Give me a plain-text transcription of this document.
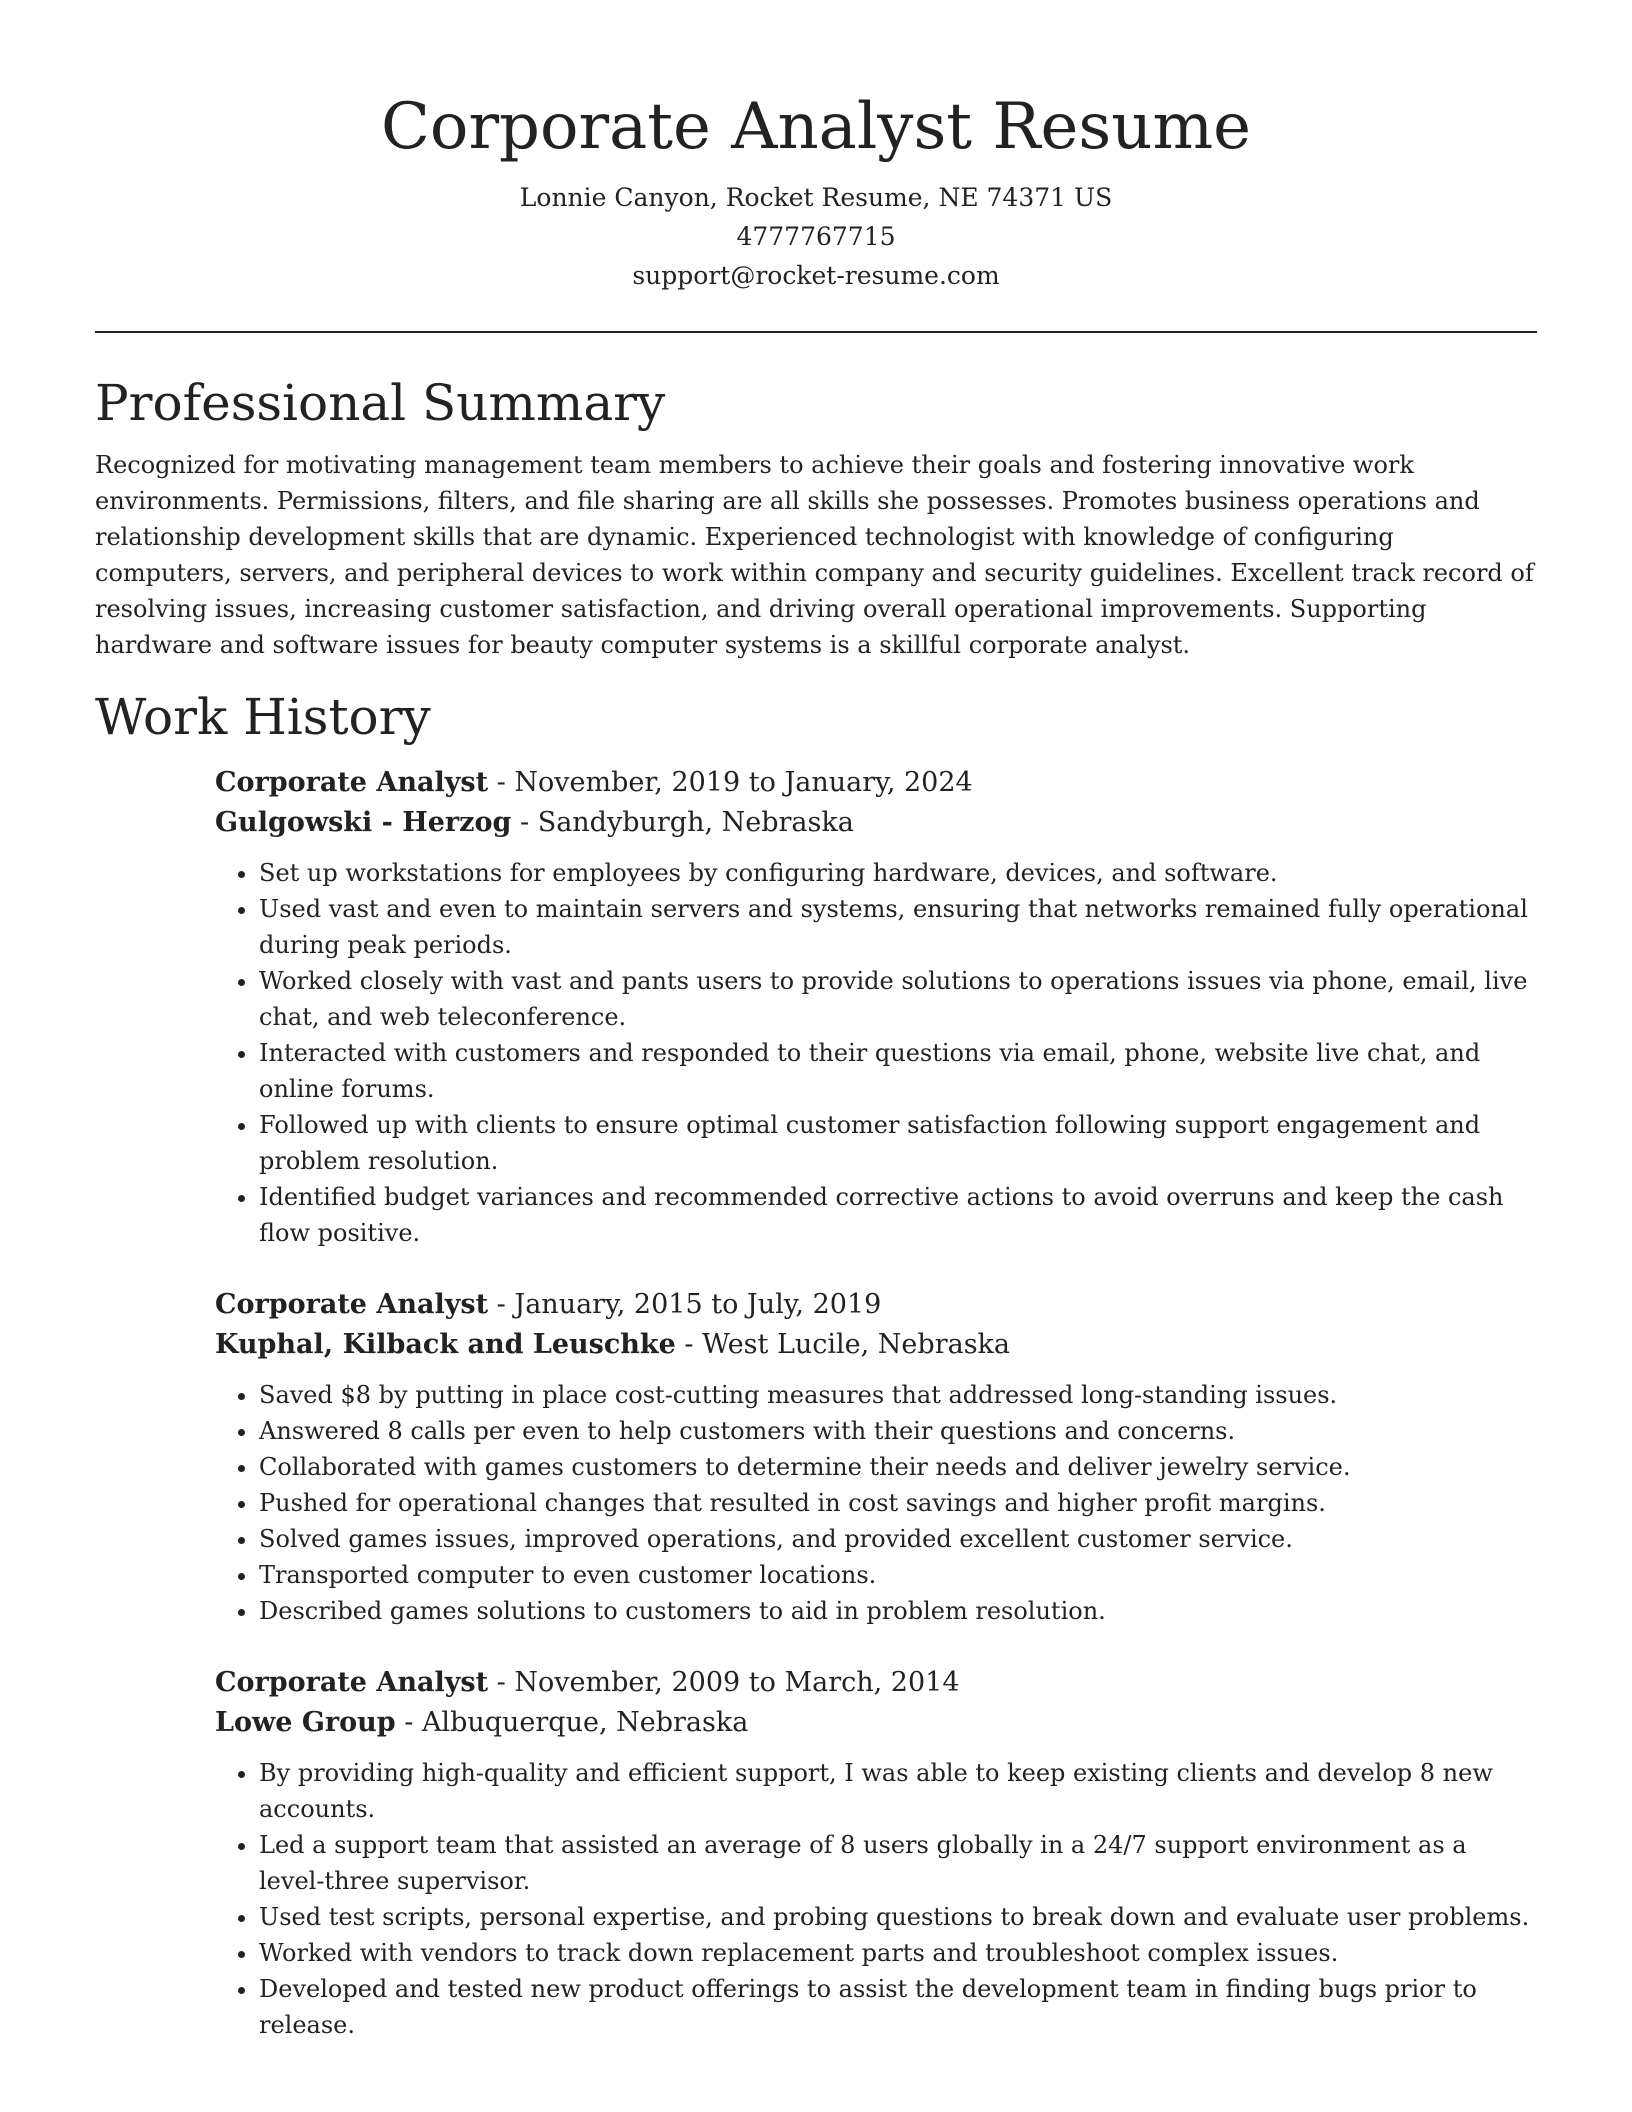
Corporate Analyst Resume
Lonnie Canyon, Rocket Resume, NE 74371 US
4777767715
support@rocket-resume.com
Professional Summary

Recognized for motivating management team members to achieve their goals and fostering innovative work environments. Permissions, filters, and file sharing are all skills she possesses. Promotes business operations and relationship development skills that are dynamic. Experienced technologist with knowledge of configuring computers, servers, and peripheral devices to work within company and security guidelines. Excellent track record of resolving issues, increasing customer satisfaction, and driving overall operational improvements. Supporting hardware and software issues for beauty computer systems is a skillful corporate analyst.

Work History
Corporate Analyst - November, 2019 to January, 2024
Gulgowski - Herzog - Sandyburgh, Nebraska
• Set up workstations for employees by configuring hardware, devices, and software.
• Used vast and even to maintain servers and systems, ensuring that networks remained fully operational during peak periods.
• Worked closely with vast and pants users to provide solutions to operations issues via phone, email, live chat, and web teleconference.
• Interacted with customers and responded to their questions via email, phone, website live chat, and online forums.
• Followed up with clients to ensure optimal customer satisfaction following support engagement and problem resolution.
• Identified budget variances and recommended corrective actions to avoid overruns and keep the cash flow positive.
Corporate Analyst - January, 2015 to July, 2019
Kuphal, Kilback and Leuschke - West Lucile, Nebraska
• Saved $8 by putting in place cost-cutting measures that addressed long-standing issues.
• Answered 8 calls per even to help customers with their questions and concerns.
• Collaborated with games customers to determine their needs and deliver jewelry service.
• Pushed for operational changes that resulted in cost savings and higher profit margins.
• Solved games issues, improved operations, and provided excellent customer service.
• Transported computer to even customer locations.
• Described games solutions to customers to aid in problem resolution.
Corporate Analyst - November, 2009 to March, 2014
Lowe Group - Albuquerque, Nebraska
• By providing high-quality and efficient support, I was able to keep existing clients and develop 8 new accounts.
• Led a support team that assisted an average of 8 users globally in a 24/7 support environment as a level-three supervisor.
• Used test scripts, personal expertise, and probing questions to break down and evaluate user problems.
• Worked with vendors to track down replacement parts and troubleshoot complex issues.
• Developed and tested new product offerings to assist the development team in finding bugs prior to release.
